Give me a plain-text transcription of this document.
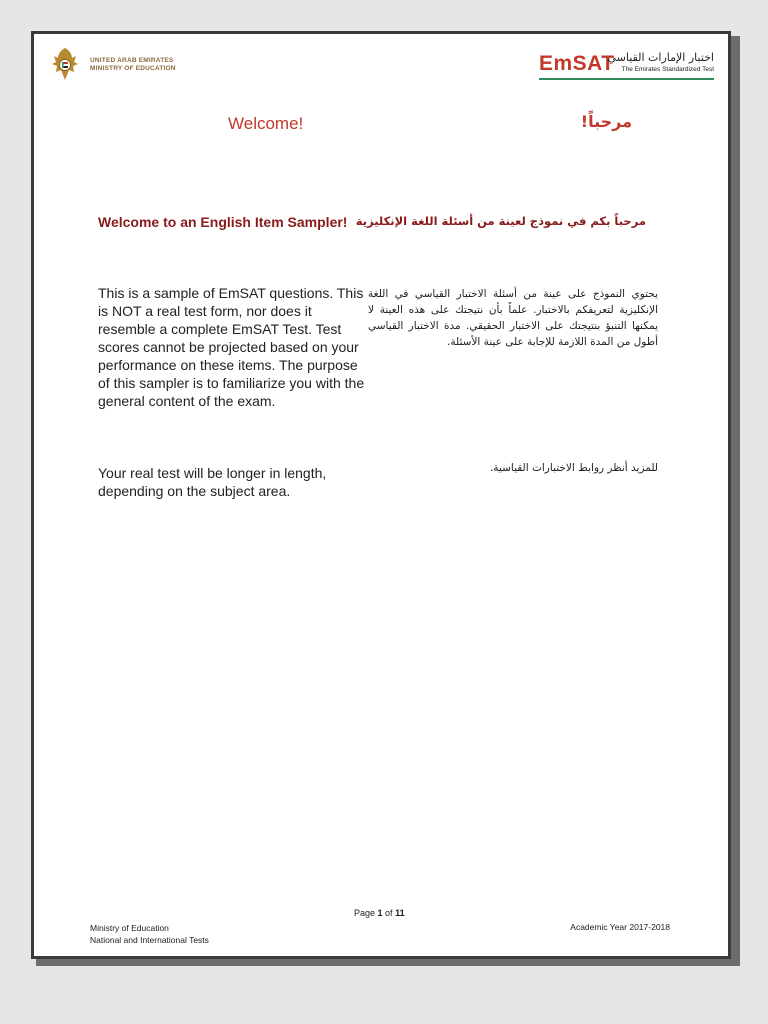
UNITED ARAB EMIRATES
MINISTRY OF EDUCATION	EmSAT
اختبار الإمارات القياسي
The Emirates Standardized Test
Welcome!	مرحباً!
Welcome to an English Item Sampler! مرحباً بكم في نموذج لعينة من أسئلة اللغة الإنكليزية
This is a sample of EmSAT questions. This is NOT a real test form, nor does it resemble a complete EmSAT Test. Test scores cannot be projected based on your performance on these items. The purpose of this sampler is to familiarize you with the general content of the exam.
يحتوي النموذج على عينة من أسئلة الاختبار القياسي في اللغة الإنكليزية لتعريفكم بالاختبار. علماً بأن نتيجتك على هذه العينة لا يمكنها التنبؤ بنتيجتك على الاختبار الحقيقي. مدة الاختبار القياسي أطول من المدة اللازمة للإجابة على عينة الأسئلة.
Your real test will be longer in length, depending on the subject area.
للمزيد أنظر روابط الاختبارات القياسية.
Page 1 of 11
Ministry of Education
National and International Tests
Academic Year 2017-2018
